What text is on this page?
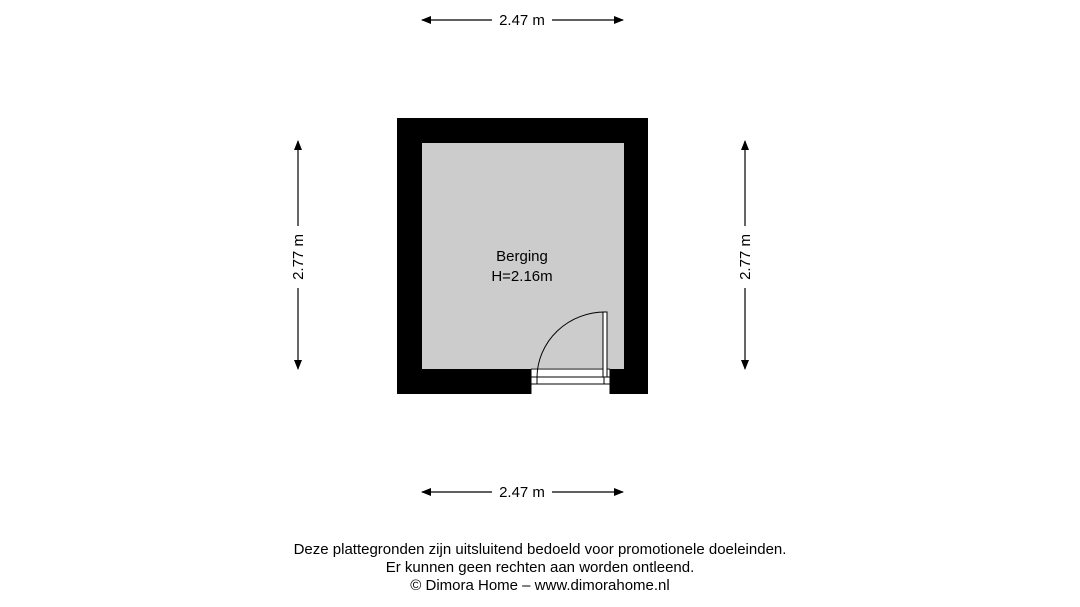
2.47 m
2.47 m
2.77 m	2.77 m
Berging
H=2.16m
Deze plattegronden zijn uitsluitend bedoeld voor promotionele doeleinden.
Er kunnen geen rechten aan worden ontleend.
© Dimora Home – www.dimorahome.nl
